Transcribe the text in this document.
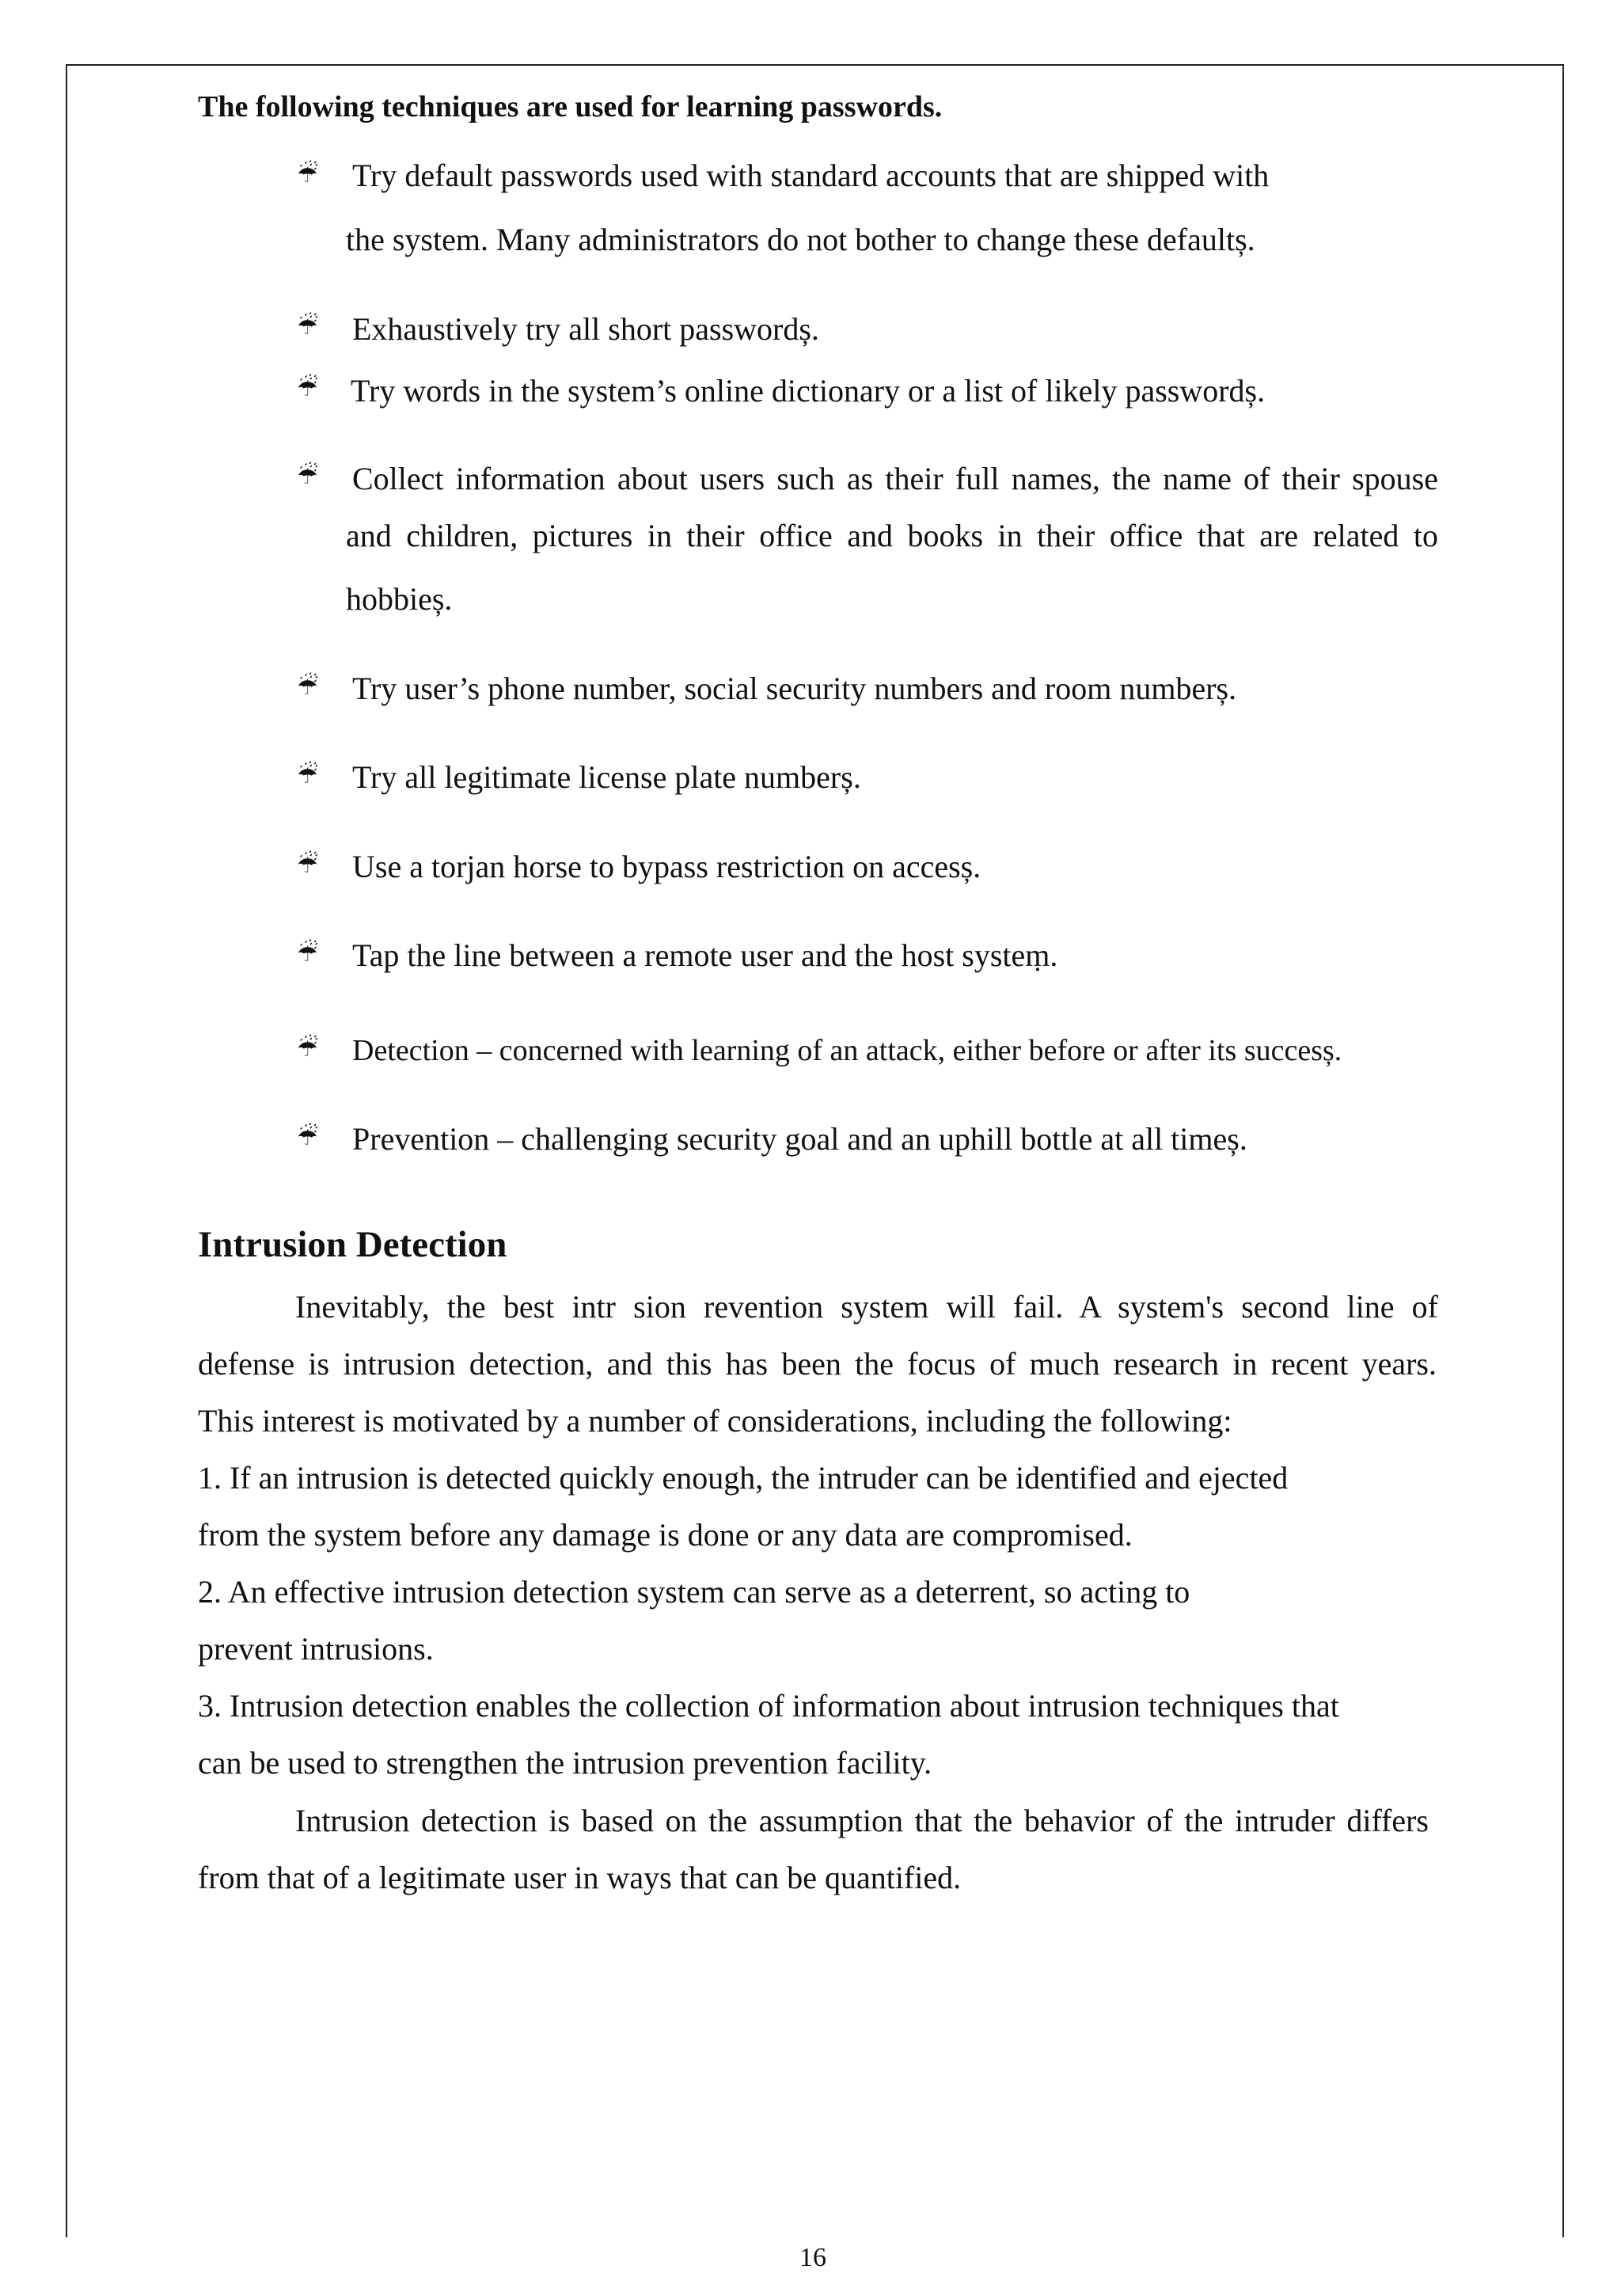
The following techniques are used for learning passwords.
☔ Try default passwords used with standard accounts that are shipped with
the system. Many administrators do not bother to change these defaultș.
☔ Exhaustively try all short passwordș.
☔ Try words in the system’s online dictionary or a list of likely passwordș.
☔ Collect information about users such as their full names, the name of their spouse
and children, pictures in their office and books in their office that are related to
hobbieș.
☔ Try user’s phone number, social security numbers and room numberș.
☔ Try all legitimate license plate numberș.
☔ Use a torjan horse to bypass restriction on accesș.
☔ Tap the line between a remote user and the host systeṃ.
☔ Detection – concerned with learning of an attack, either before or after its succesș.
☔ Prevention – challenging security goal and an uphill bottle at all timeș.
Intrusion Detection
Inevitably, the best intr sion revention system will fail. A system's second line of
defense is intrusion detection, and this has been the focus of much research in recent years.
This interest is motivated by a number of considerations, including the following:
1. If an intrusion is detected quickly enough, the intruder can be identified and ejected
from the system before any damage is done or any data are compromised.
2. An effective intrusion detection system can serve as a deterrent, so acting to
prevent intrusions.
3. Intrusion detection enables the collection of information about intrusion techniques that
can be used to strengthen the intrusion prevention facility.
Intrusion detection is based on the assumption that the behavior of the intruder differs
from that of a legitimate user in ways that can be quantified.
16
